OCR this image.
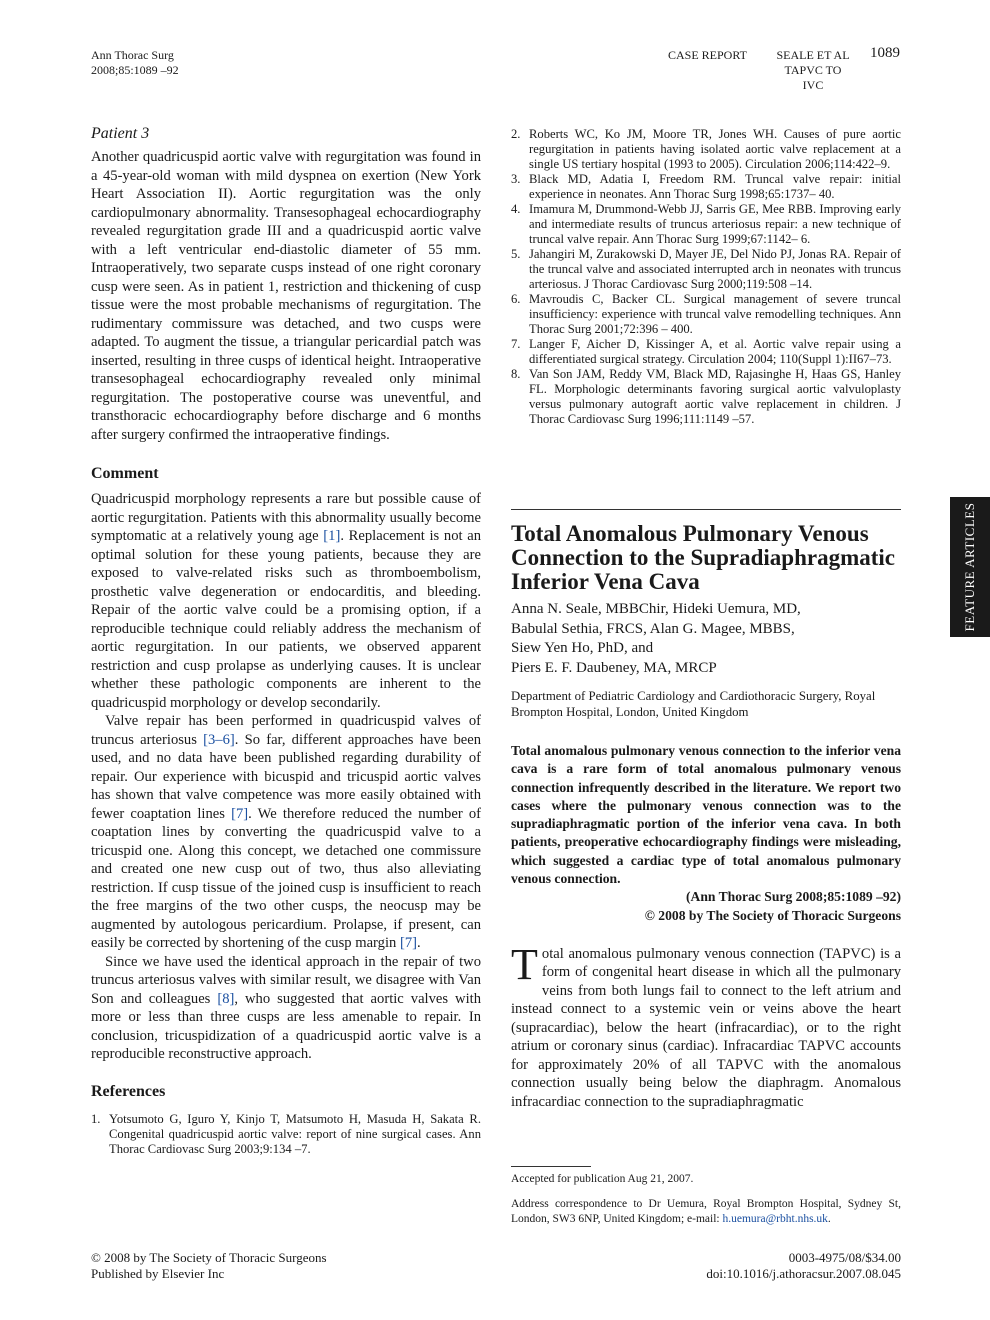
Ann Thorac Surg
2008;85:1089 –92
CASE REPORT SEALE ET AL
TAPVC TO IVC
1089
FEATURE ARTICLES
Patient 3

Another quadricuspid aortic valve with regurgitation was found in a 45-year-old woman with mild dyspnea on exertion (New York Heart Association II). Aortic regurgitation was the only cardiopulmonary abnormality. Transesophageal echocardiography revealed regurgitation grade III and a quadricuspid aortic valve with a left ventricular end-diastolic diameter of 55 mm. Intraoperatively, two separate cusps instead of one right coronary cusp were seen. As in patient 1, restriction and thickening of cusp tissue were the most probable mechanisms of regurgitation. The rudimentary commissure was detached, and two cusps were adapted. To augment the tissue, a triangular pericardial patch was inserted, resulting in three cusps of identical height. Intraoperative transesophageal echocardiography revealed only minimal regurgitation. The postoperative course was uneventful, and transthoracic echocardiography before discharge and 6 months after surgery confirmed the intraoperative findings.

Comment

Quadricuspid morphology represents a rare but possible cause of aortic regurgitation. Patients with this abnormality usually become symptomatic at a relatively young age [1]. Replacement is not an optimal solution for these young patients, because they are exposed to valve-related risks such as thromboembolism, prosthetic valve degeneration or endocarditis, and bleeding. Repair of the aortic valve could be a promising option, if a reproducible technique could reliably address the mechanism of aortic regurgitation. In our patients, we observed apparent restriction and cusp prolapse as underlying causes. It is unclear whether these pathologic components are inherent to the quadricuspid morphology or develop secondarily.

Valve repair has been performed in quadricuspid valves of truncus arteriosus [3–6]. So far, different approaches have been used, and no data have been published regarding durability of repair. Our experience with bicuspid and tricuspid aortic valves has shown that valve competence was more easily obtained with fewer coaptation lines [7]. We therefore reduced the number of coaptation lines by converting the quadricuspid valve to a tricuspid one. Along this concept, we detached one commissure and created one new cusp out of two, thus also alleviating restriction. If cusp tissue of the joined cusp is insufficient to reach the free margins of the two other cusps, the neocusp may be augmented by autologous pericardium. Prolapse, if present, can easily be corrected by shortening of the cusp margin [7].

Since we have used the identical approach in the repair of two truncus arteriosus valves with similar result, we disagree with Van Son and colleagues [8], who suggested that aortic valves with more or less than three cusps are less amenable to repair. In conclusion, tricuspidization of a quadricuspid aortic valve is a reproducible reconstructive approach.

References
1. Yotsumoto G, Iguro Y, Kinjo T, Matsumoto H, Masuda H, Sakata R. Congenital quadricuspid aortic valve: report of nine surgical cases. Ann Thorac Cardiovasc Surg 2003;9:134 –7.
2. Roberts WC, Ko JM, Moore TR, Jones WH. Causes of pure aortic regurgitation in patients having isolated aortic valve replacement at a single US tertiary hospital (1993 to 2005). Circulation 2006;114:422–9.
3. Black MD, Adatia I, Freedom RM. Truncal valve repair: initial experience in neonates. Ann Thorac Surg 1998;65:1737– 40.
4. Imamura M, Drummond-Webb JJ, Sarris GE, Mee RBB. Improving early and intermediate results of truncus arteriosus repair: a new technique of truncal valve repair. Ann Thorac Surg 1999;67:1142– 6.
5. Jahangiri M, Zurakowski D, Mayer JE, Del Nido PJ, Jonas RA. Repair of the truncal valve and associated interrupted arch in neonates with truncus arteriosus. J Thorac Cardiovasc Surg 2000;119:508 –14.
6. Mavroudis C, Backer CL. Surgical management of severe truncal insufficiency: experience with truncal valve remodelling techniques. Ann Thorac Surg 2001;72:396 – 400.
7. Langer F, Aicher D, Kissinger A, et al. Aortic valve repair using a differentiated surgical strategy. Circulation 2004; 110(Suppl 1):II67–73.
8. Van Son JAM, Reddy VM, Black MD, Rajasinghe H, Haas GS, Hanley FL. Morphologic determinants favoring surgical aortic valvuloplasty versus pulmonary autograft aortic valve replacement in children. J Thorac Cardiovasc Surg 1996;111:1149 –57.
Total Anomalous Pulmonary Venous Connection to the Supradiaphragmatic Inferior Vena Cava
Anna N. Seale, MBBChir, Hideki Uemura, MD,
Babulal Sethia, FRCS, Alan G. Magee, MBBS,
Siew Yen Ho, PhD, and
Piers E. F. Daubeney, MA, MRCP
Department of Pediatric Cardiology and Cardiothoracic Surgery, Royal Brompton Hospital, London, United Kingdom
Total anomalous pulmonary venous connection to the inferior vena cava is a rare form of total anomalous pulmonary venous connection infrequently described in the literature. We report two cases where the pulmonary venous connection was to the supradiaphragmatic portion of the inferior vena cava. In both patients, preoperative echocardiography findings were misleading, which suggested a cardiac type of total anomalous pulmonary venous connection.
(Ann Thorac Surg 2008;85:1089 –92)
© 2008 by The Society of Thoracic Surgeons
Total anomalous pulmonary venous connection (TAPVC) is a form of congenital heart disease in which all the pulmonary veins from both lungs fail to connect to the left atrium and instead connect to a systemic vein or veins above the heart (supracardiac), below the heart (infracardiac), or to the right atrium or coronary sinus (cardiac). Infracardiac TAPVC accounts for approximately 20% of all TAPVC with the anomalous connection usually being below the diaphragm. Anomalous infracardiac connection to the supradiaphragmatic
Accepted for publication Aug 21, 2007.
Address correspondence to Dr Uemura, Royal Brompton Hospital, Sydney St, London, SW3 6NP, United Kingdom; e-mail: h.uemura@rbht.nhs.uk.
© 2008 by The Society of Thoracic Surgeons
Published by Elsevier Inc
0003-4975/08/$34.00
doi:10.1016/j.athoracsur.2007.08.045
